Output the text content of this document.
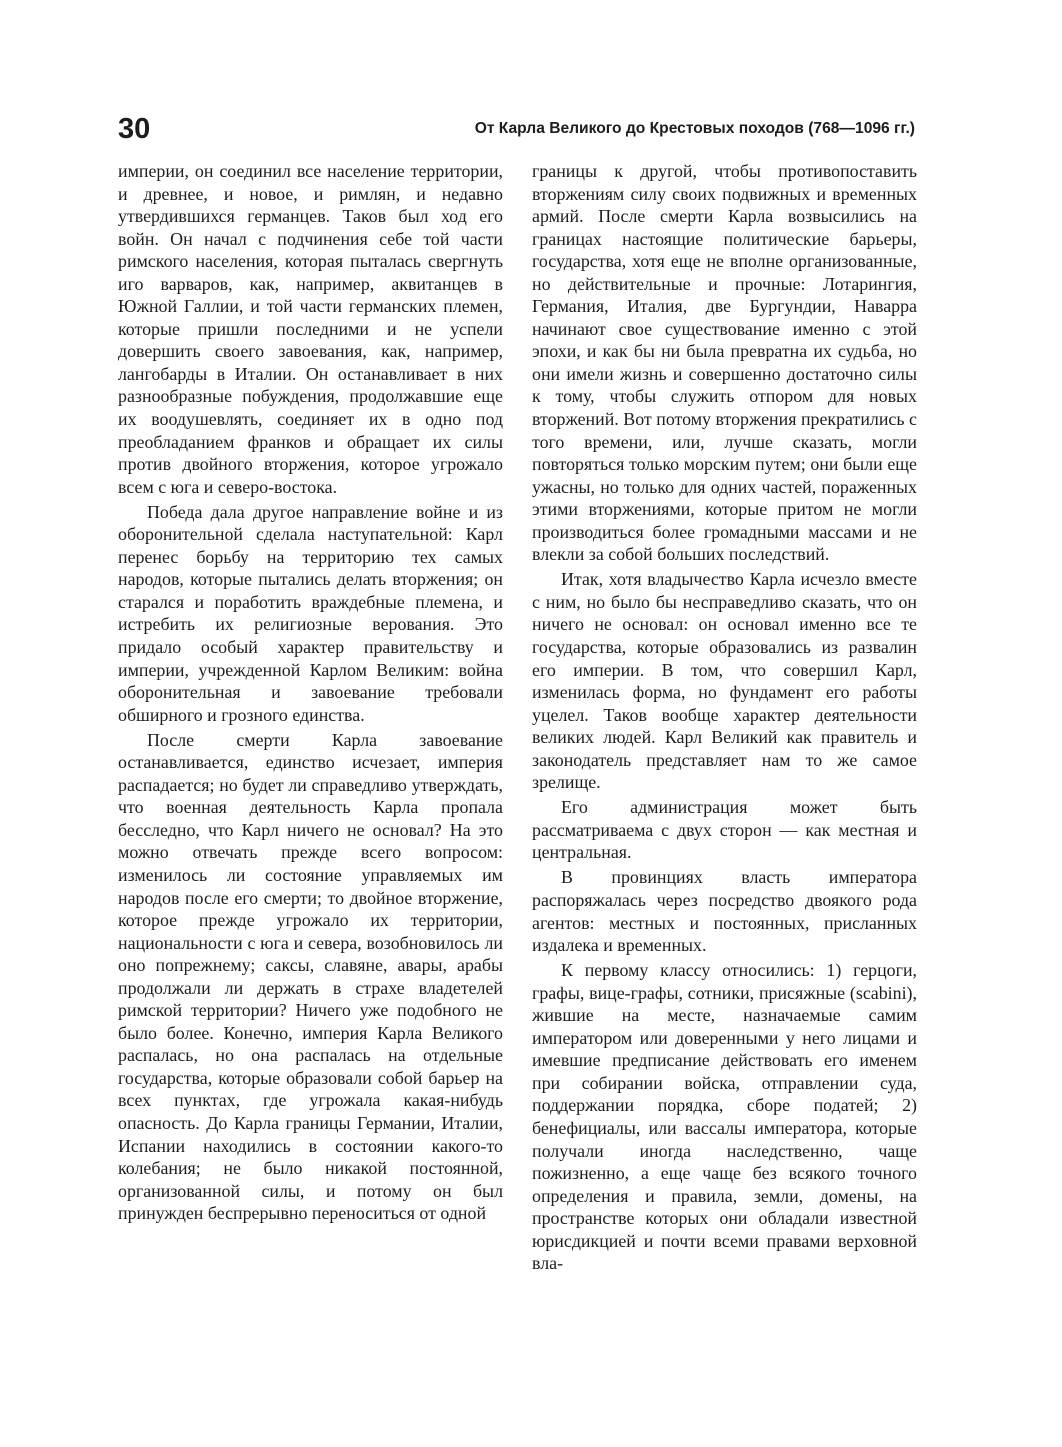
30	От Карла Великого до Крестовых походов (768—1096 гг.)

империи, он соединил все население территории, и древнее, и новое, и римлян, и недавно утвердившихся германцев. Таков был ход его войн. Он начал с подчинения себе той части римского населения, которая пыталась свергнуть иго варваров, как, например, аквитанцев в Южной Галлии, и той части германских племен, которые пришли последними и не успели довершить своего завоевания, как, например, лангобарды в Италии. Он останавливает в них разнообразные побуждения, продолжавшие еще их воодушевлять, соединяет их в одно под преобладанием франков и обращает их силы против двойного вторжения, которое угрожало всем с юга и северо-востока.

Победа дала другое направление войне и из оборонительной сделала наступательной: Карл перенес борьбу на территорию тех самых народов, которые пытались делать вторжения; он старался и поработить враждебные племена, и истребить их религиозные верования. Это придало особый характер правительству и империи, учрежденной Карлом Великим: война оборонительная и завоевание требовали обширного и грозного единства.

После смерти Карла завоевание останавливается, единство исчезает, империя распадается; но будет ли справедливо утверждать, что военная деятельность Карла пропала бесследно, что Карл ничего не основал? На это можно отвечать прежде всего вопросом: изменилось ли состояние управляемых им народов после его смерти; то двойное вторжение, которое прежде угрожало их территории, национальности с юга и севера, возобновилось ли оно попрежнему; саксы, славяне, авары, арабы продолжали ли держать в страхе владетелей римской территории? Ничего уже подобного не было более. Конечно, империя Карла Великого распалась, но она распалась на отдельные государства, которые образовали собой барьер на всех пунктах, где угрожала какая-нибудь опасность. До Карла границы Германии, Италии, Испании находились в состоянии какого-то колебания; не было никакой постоянной, организованной силы, и потому он был принужден беспрерывно переноситься от одной

границы к другой, чтобы противопоставить вторжениям силу своих подвижных и временных армий. После смерти Карла возвысились на границах настоящие политические барьеры, государства, хотя еще не вполне организованные, но действительные и прочные: Лотарингия, Германия, Италия, две Бургундии, Наварра начинают свое существование именно с этой эпохи, и как бы ни была превратна их судьба, но они имели жизнь и совершенно достаточно силы к тому, чтобы служить отпором для новых вторжений. Вот потому вторжения прекратились с того времени, или, лучше сказать, могли повторяться только морским путем; они были еще ужасны, но только для одних частей, пораженных этими вторжениями, которые притом не могли производиться более громадными массами и не влекли за собой больших последствий.

Итак, хотя владычество Карла исчезло вместе с ним, но было бы несправедливо сказать, что он ничего не основал: он основал именно все те государства, которые образовались из развалин его империи. В том, что совершил Карл, изменилась форма, но фундамент его работы уцелел. Таков вообще характер деятельности великих людей. Карл Великий как правитель и законодатель представляет нам то же самое зрелище.

Его администрация может быть рассматриваема с двух сторон — как местная и центральная.

В провинциях власть императора распоряжалась через посредство двоякого рода агентов: местных и постоянных, присланных издалека и временных.

К первому классу относились: 1) герцоги, графы, вице-графы, сотники, присяжные (scabini), жившие на месте, назначаемые самим императором или доверенными у него лицами и имевшие предписание действовать его именем при собирании войска, отправлении суда, поддержании порядка, сборе податей; 2) бенефициалы, или вассалы императора, которые получали иногда наследственно, чаще пожизненно, а еще чаще без всякого точного определения и правила, земли, домены, на пространстве которых они обладали известной юрисдикцией и почти всеми правами верховной вла-
